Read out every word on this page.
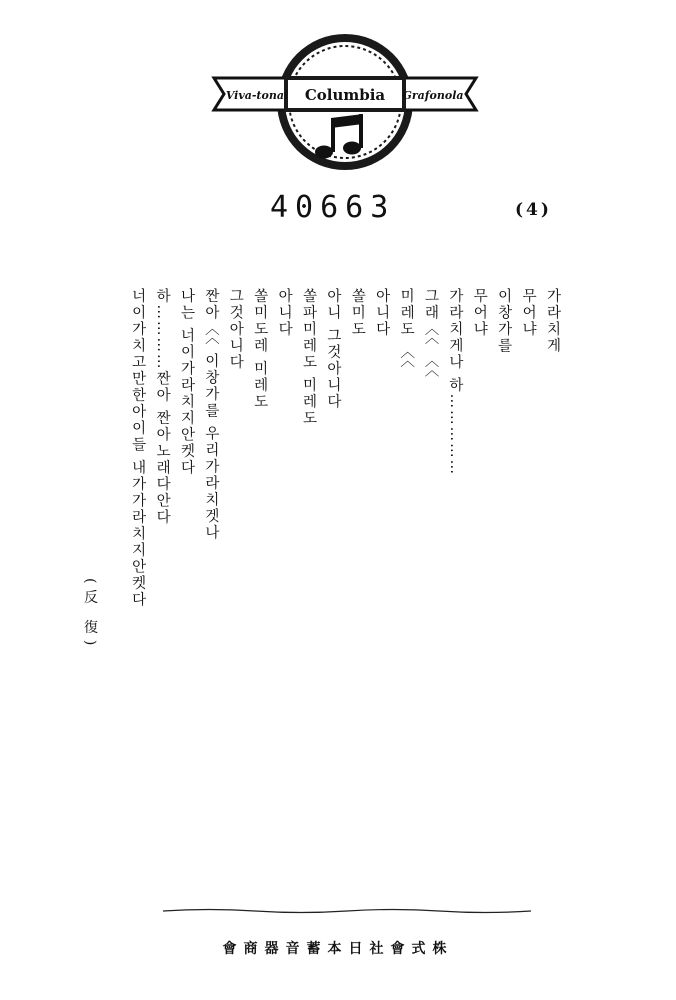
Viva-tonal Columbia Grafonola
40663	(4)
가라치게
무어냐
이창가를
무어냐
가라치게나 하……………
그래〈〈 〈〈
미레도 〈〈
아니다
쏠미도
아니 그것아니다
쏠파미레도 미레도
아니다
쏠미도레 미레도
그것아니다
짠아〈〈 이창가를 우리가라치겟나
나는 너이가라치지안켓다
하…………짠아 짠아노래다안다
너이가치고만한아이들 내가가라치지안켓다
(反 復)
株式會社日本蓄音器商會
